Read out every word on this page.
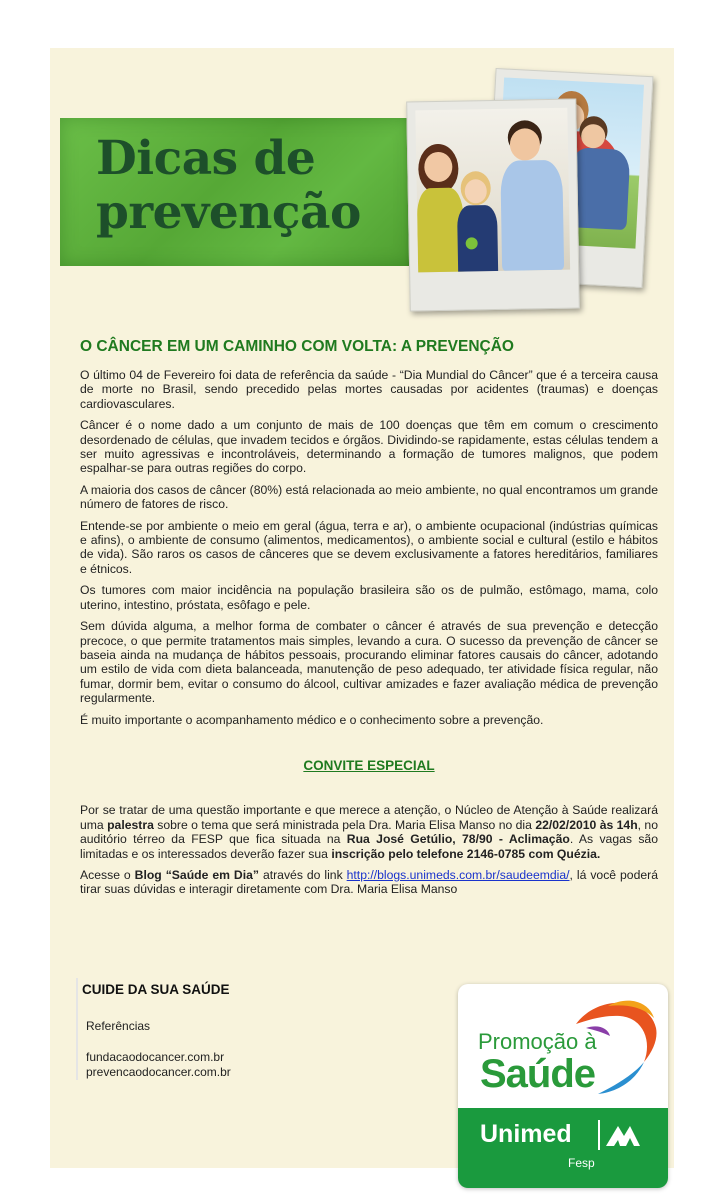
Dicas de
prevenção
O CÂNCER EM UM CAMINHO COM VOLTA: A PREVENÇÃO

O último 04 de Fevereiro foi data de referência da saúde - “Dia Mundial do Câncer” que é a terceira causa de morte no Brasil, sendo precedido pelas mortes causadas por acidentes (traumas) e doenças cardiovasculares.

Câncer é o nome dado a um conjunto de mais de 100 doenças que têm em comum o crescimento desordenado de células, que invadem tecidos e órgãos. Dividindo-se rapidamente, estas células tendem a ser muito agressivas e incontroláveis, determinando a formação de tumores malignos, que podem espalhar-se para outras regiões do corpo.

A maioria dos casos de câncer (80%) está relacionada ao meio ambiente, no qual encontramos um grande número de fatores de risco.

Entende-se por ambiente o meio em geral (água, terra e ar), o ambiente ocupacional (indústrias químicas e afins), o ambiente de consumo (alimentos, medicamentos), o ambiente social e cultural (estilo e hábitos de vida). São raros os casos de cânceres que se devem exclusivamente a fatores hereditários, familiares e étnicos.

Os tumores com maior incidência na população brasileira são os de pulmão, estômago, mama, colo uterino, intestino, próstata, esôfago e pele.

Sem dúvida alguma, a melhor forma de combater o câncer é através de sua prevenção e detecção precoce, o que permite tratamentos mais simples, levando a cura. O sucesso da prevenção de câncer se baseia ainda na mudança de hábitos pessoais, procurando eliminar fatores causais do câncer, adotando um estilo de vida com dieta balanceada, manutenção de peso adequado, ter atividade física regular, não fumar, dormir bem, evitar o consumo do álcool, cultivar amizades e fazer avaliação médica de prevenção regularmente.

É muito importante o acompanhamento médico e o conhecimento sobre a prevenção.

CONVITE ESPECIAL

Por se tratar de uma questão importante e que merece a atenção, o Núcleo de Atenção à Saúde realizará uma palestra sobre o tema que será ministrada pela Dra. Maria Elisa Manso no dia 22/02/2010 às 14h, no auditório térreo da FESP que fica situada na Rua José Getúlio, 78/90 - Aclimação. As vagas são limitadas e os interessados deverão fazer sua inscrição pelo telefone 2146-0785 com Quézia.

Acesse o Blog “Saúde em Dia” através do link http://blogs.unimeds.com.br/saudeemdia/, lá você poderá tirar suas dúvidas e interagir diretamente com Dra. Maria Elisa Manso

CUIDE DA SUA SAÚDE
Referências
fundacaodocancer.com.br
prevencaodocancer.com.br
Promoção à
Saúde
Unimed
Fesp
